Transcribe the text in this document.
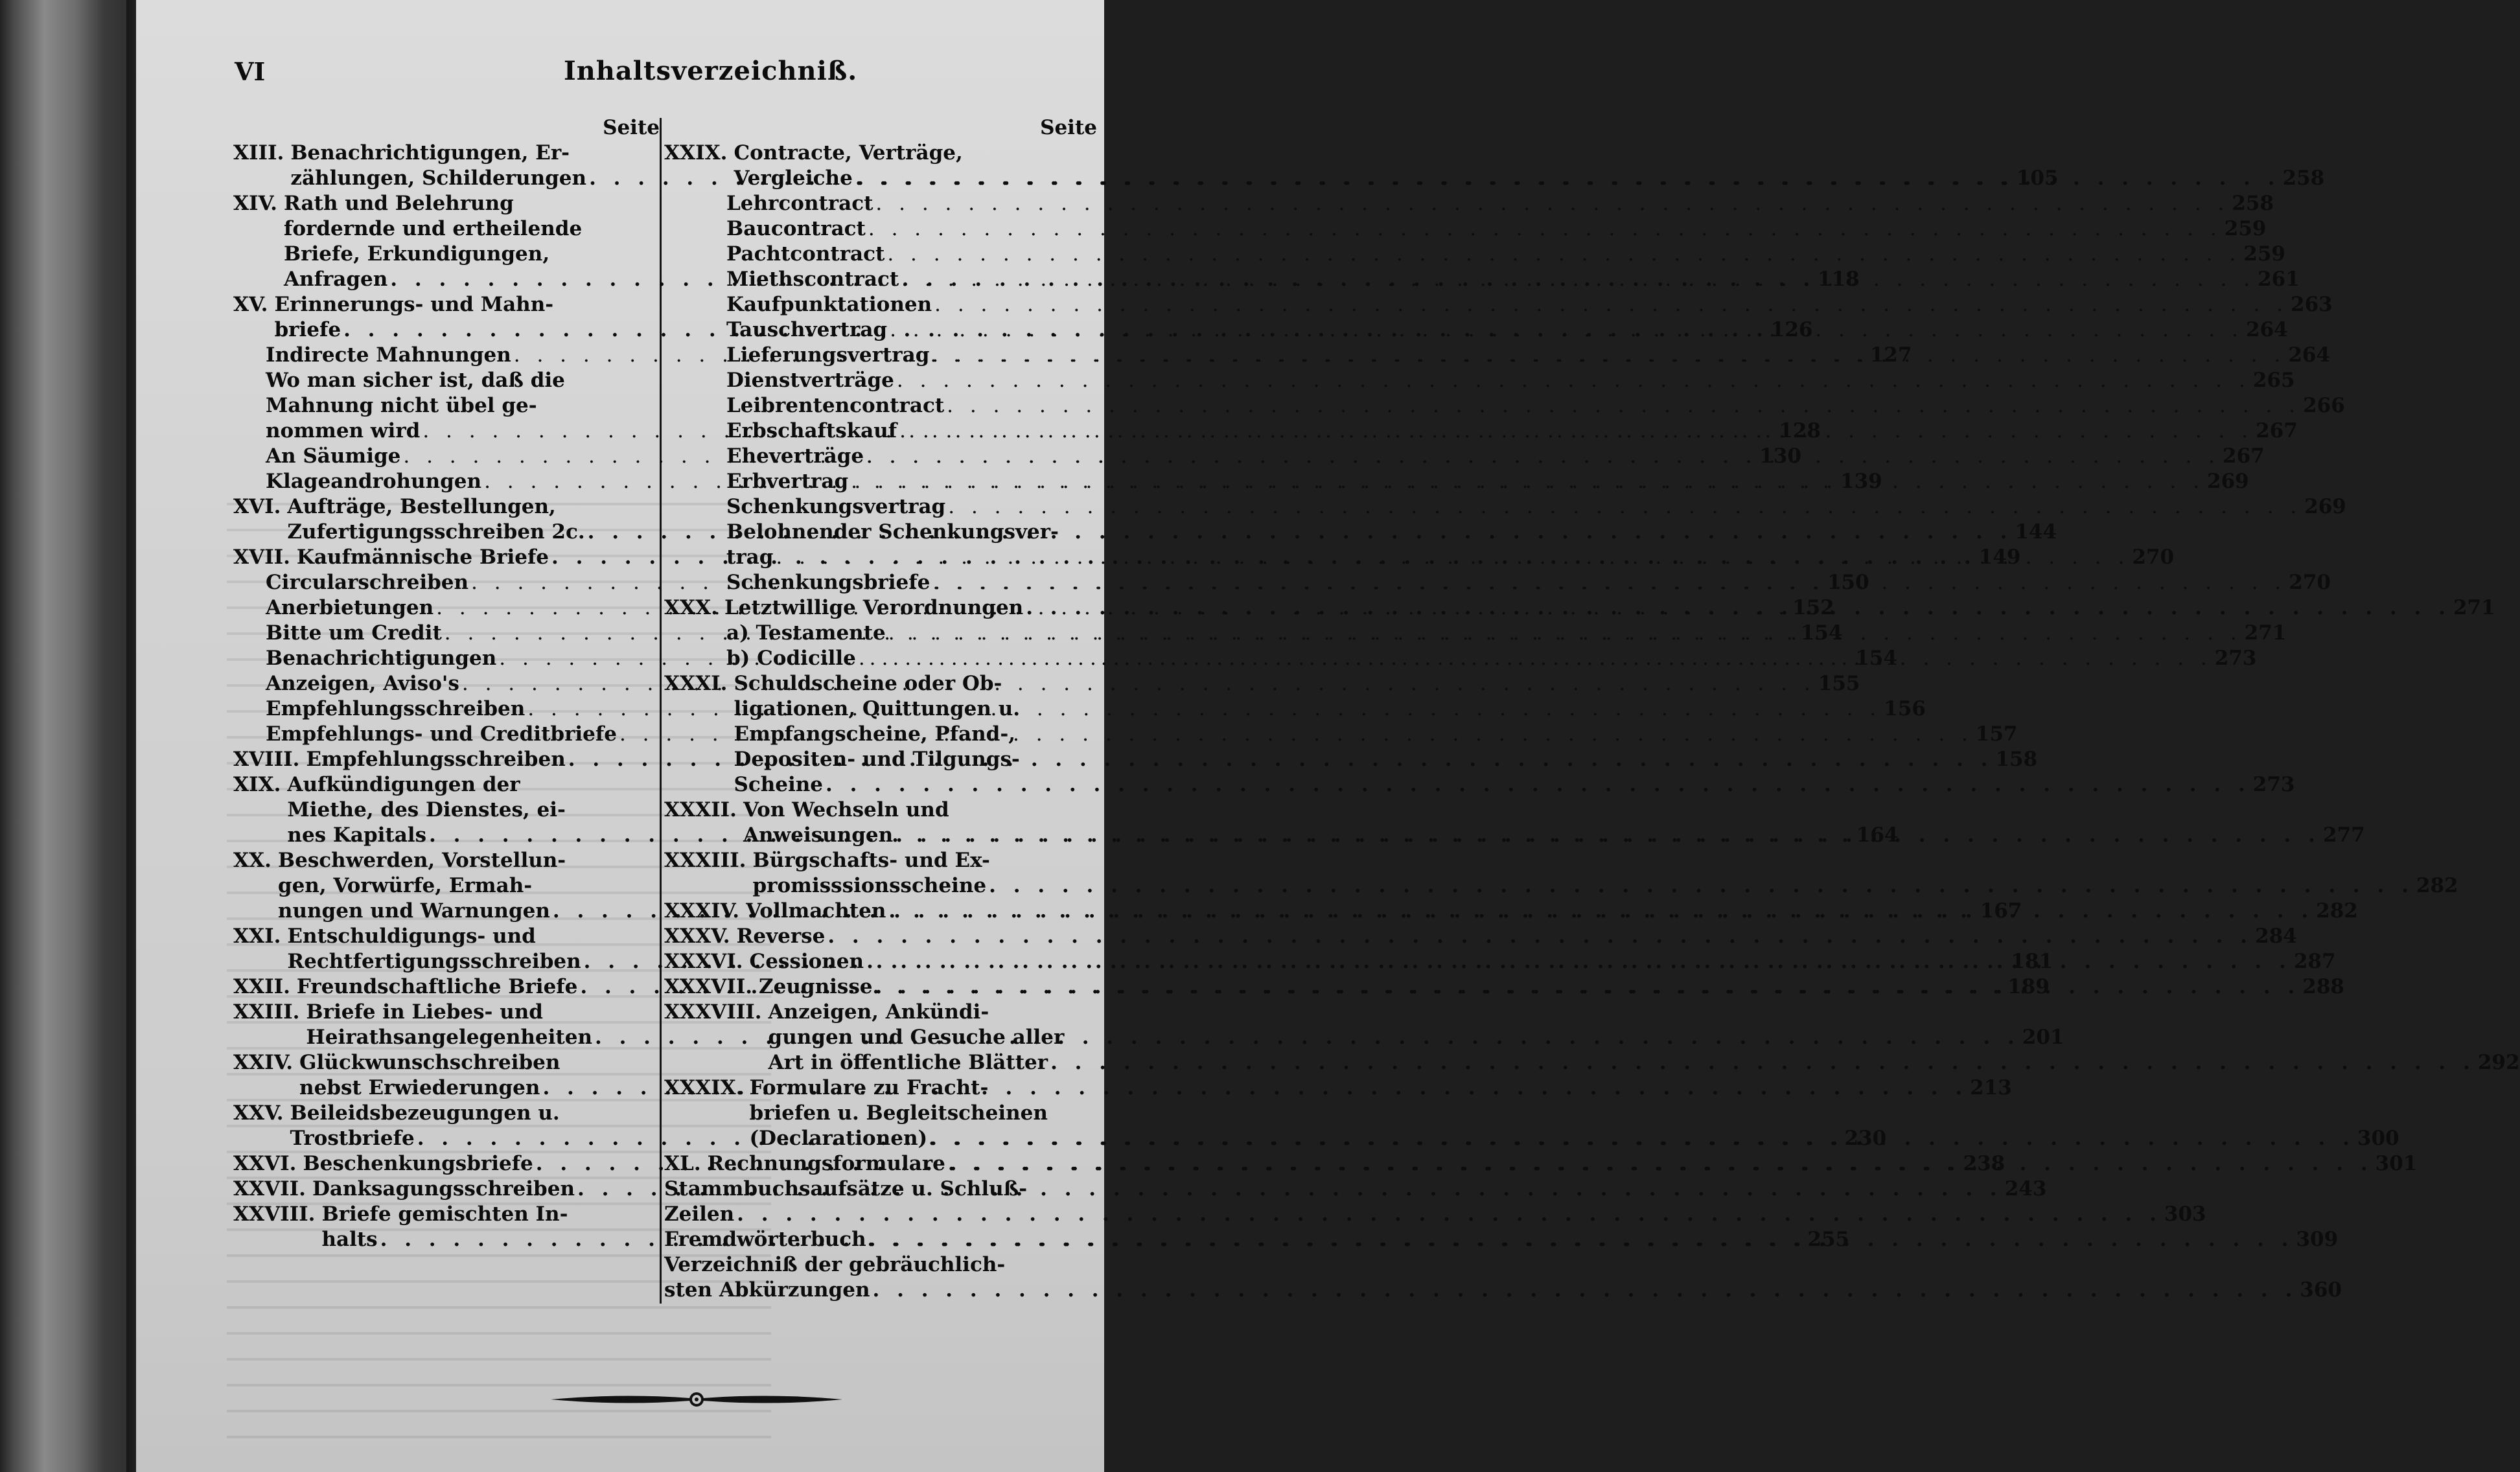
VI	Inhaltsverzeichniß.
Seite
XIII. Benachrichtigungen, Er-
zählungen, Schilderungen . . .	105
XIV. Rath und Belehrung
fordernde und ertheilende
Briefe, Erkundigungen,
Anfragen . . .	118
XV. Erinnerungs- und Mahn-
briefe . . .	126
Indirecte Mahnungen . . .	127
Wo man sicher ist, daß die
Mahnung nicht übel ge-
nommen wird . . .	128
An Säumige . . .	130
Klageandrohungen . . .	139
XVI. Aufträge, Bestellungen,
Zufertigungsschreiben 2c. . . .	144
XVII. Kaufmännische Briefe . . .	149
Circularschreiben . . .	150
Anerbietungen . . .	152
Bitte um Credit . . .	154
Benachrichtigungen . . .	154
Anzeigen, Aviso's . . .	155
Empfehlungsschreiben . . .	156
Empfehlungs- und Creditbriefe . . .	157
XVIII. Empfehlungsschreiben . . .	158
XIX. Aufkündigungen der
Miethe, des Dienstes, ei-
nes Kapitals . . .	164
XX. Beschwerden, Vorstellun-
gen, Vorwürfe, Ermah-
nungen und Warnungen . . .	167
XXI. Entschuldigungs- und
Rechtfertigungsschreiben . . .	181
XXII. Freundschaftliche Briefe . . .	189
XXIII. Briefe in Liebes- und
Heirathsangelegenheiten . . .	201
XXIV. Glückwunschschreiben
nebst Erwiederungen . . .	213
XXV. Beileidsbezeugungen u.
Trostbriefe . . .	230
XXVI. Beschenkungsbriefe . . .	238
XXVII. Danksagungsschreiben . . .	243
XXVIII. Briefe gemischten In-
halts . . .	255
Seite
XXIX. Contracte, Verträge,
Vergleiche . . .	258
Lehrcontract . . .	258
Baucontract . . .	259
Pachtcontract . . .	259
Miethscontract . . .	261
Kaufpunktationen . . .	263
Tauschvertrag . . .	264
Lieferungsvertrag . . .	264
Dienstverträge . . .	265
Leibrentencontract . . .	266
Erbschaftskauf . . .	267
Eheverträge . . .	267
Erbvertrag . . .	269
Schenkungsvertrag . . .	269
Belohnender Schenkungsver-
trag . . .	270
Schenkungsbriefe . . .	270
XXX. Letztwillige Verordnungen . . .	271
a) Testamente . . .	271
b) Codicille . . .	273
XXXI. Schuldscheine oder Ob-
ligationen, Quittungen u.
Empfangscheine, Pfand-,
Depositen- und Tilgungs-
Scheine . . .	273
XXXII. Von Wechseln und
Anweisungen . . .	277
XXXIII. Bürgschafts- und Ex-
promisssionsscheine . . .	282
XXXIV. Vollmachten . . .	282
XXXV. Reverse . . .	284
XXXVI. Cessionen . . .	287
XXXVII. Zeugnisse . . .	288
XXXVIII. Anzeigen, Ankündi-
gungen und Gesuche aller
Art in öffentliche Blätter . . .	292
XXXIX. Formulare zu Fracht-
briefen u. Begleitscheinen
(Declarationen) . . .	300
XL. Rechnungsformulare . . .	301
Stammbuchsaufsätze u. Schluß-
Zeilen . . .	303
Fremdwörterbuch . . .	309
Verzeichniß der gebräuchlich-
sten Abkürzungen . . .	360
